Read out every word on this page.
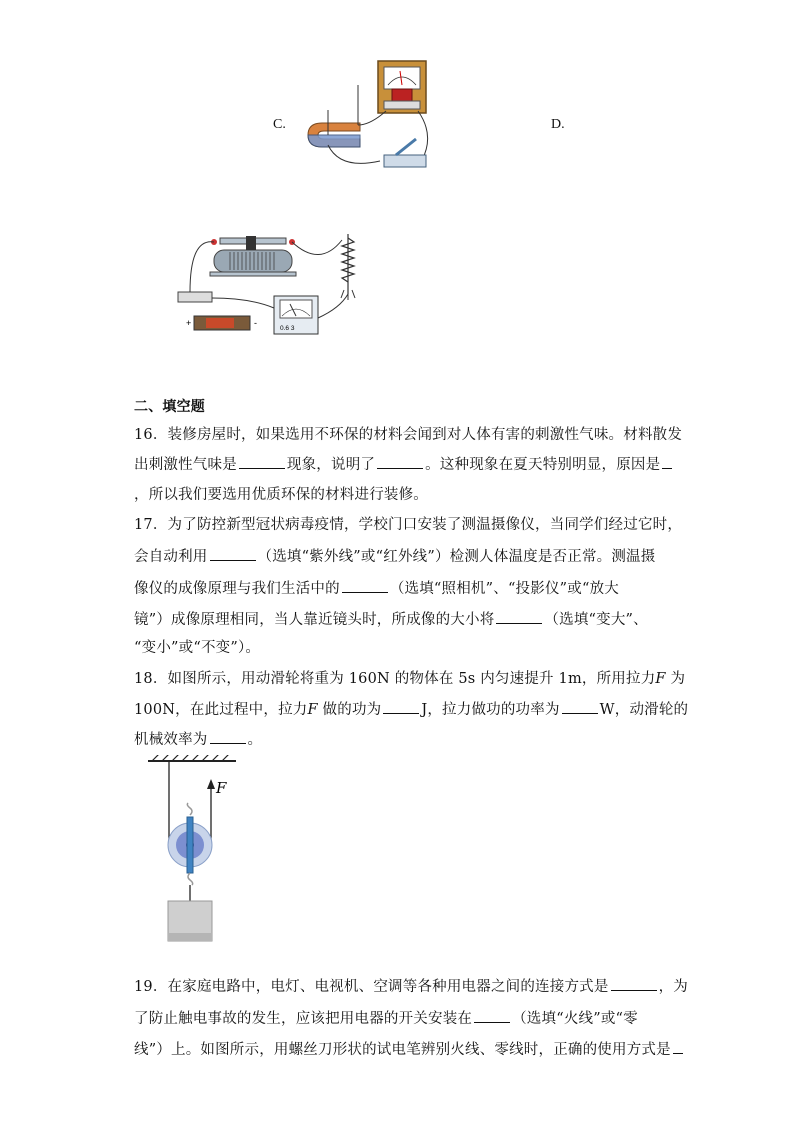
C.	D.
+	-
0.6 3
二、填空题
16．装修房屋时，如果选用不环保的材料会闻到对人体有害的刺激性气味。材料散发
出刺激性气味是	现象，说明了	。这种现象在夏天特别明显，原因是
，所以我们要选用优质环保的材料进行装修。
17．为了防控新型冠状病毒疫情，学校门口安装了测温摄像仪，当同学们经过它时，
会自动利用	（选填“紫外线”或“红外线”）检测人体温度是否正常。测温摄
像仪的成像原理与我们生活中的	（选填“照相机”、“投影仪”或“放大
镜”）成像原理相同，当人靠近镜头时，所成像的大小将	（选填“变大”、
“变小”或“不变”）。
18．如图所示，用动滑轮将重为 160N 的物体在 5s 内匀速提升 1m，所用拉力F 为
100N，在此过程中，拉力F 做的功为	J，拉力做功的功率为	W，动滑轮的
机械效率为	。
F
19．在家庭电路中，电灯、电视机、空调等各种用电器之间的连接方式是	，为
了防止触电事故的发生，应该把用电器的开关安装在	（选填“火线”或“零
线”）上。如图所示，用螺丝刀形状的试电笔辨别火线、零线时，正确的使用方式是
